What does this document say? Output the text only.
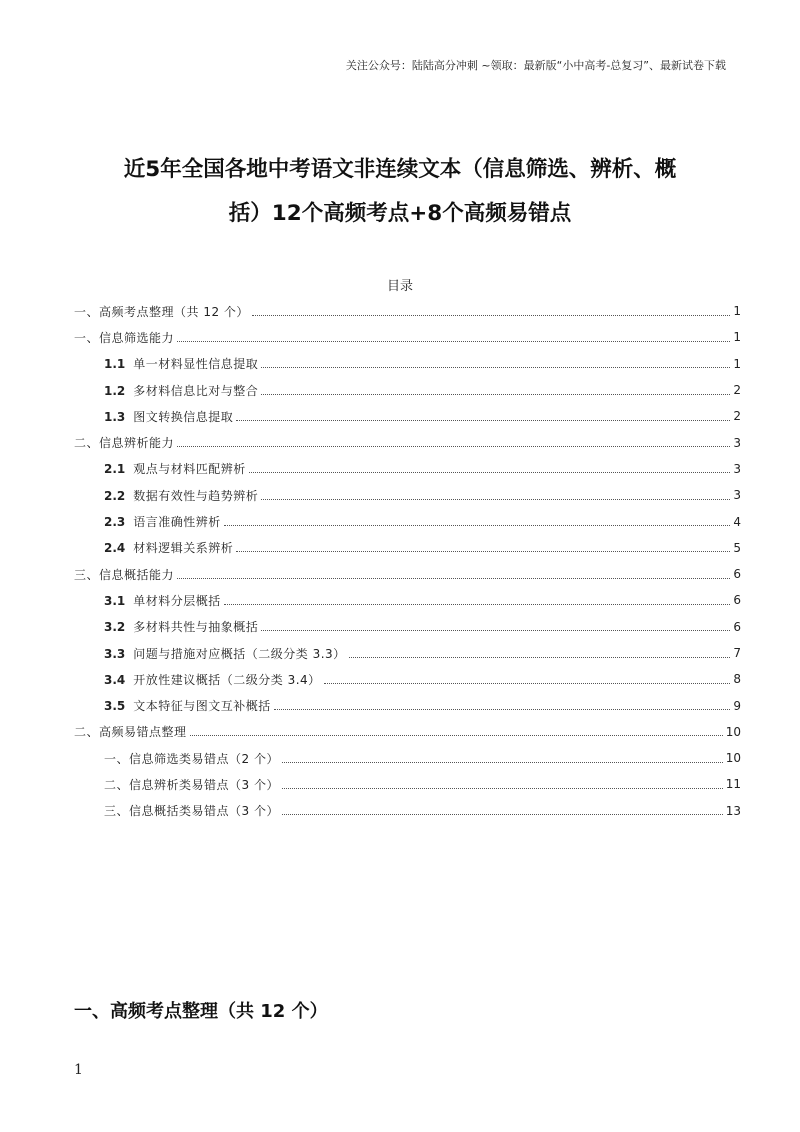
关注公众号：陆陆高分冲刺 ~领取：最新版“小中高考-总复习”、最新试卷下载
近5年全国各地中考语文非连续文本（信息筛选、辨析、概
括）12个高频考点+8个高频易错点
目录
一、高频考点整理（共 12 个）	1
一、信息筛选能力	1
1.1 单一材料显性信息提取	1
1.2 多材料信息比对与整合	2
1.3 图文转换信息提取	2
二、信息辨析能力	3
2.1 观点与材料匹配辨析	3
2.2 数据有效性与趋势辨析	3
2.3 语言准确性辨析	4
2.4 材料逻辑关系辨析	5
三、信息概括能力	6
3.1 单材料分层概括	6
3.2 多材料共性与抽象概括	6
3.3 问题与措施对应概括（二级分类 3.3）	7
3.4 开放性建议概括（二级分类 3.4）	8
3.5 文本特征与图文互补概括	9
二、高频易错点整理	10
一、信息筛选类易错点（2 个）	10
二、信息辨析类易错点（3 个）	11
三、信息概括类易错点（3 个）	13
一、高频考点整理（共 12 个）
1
